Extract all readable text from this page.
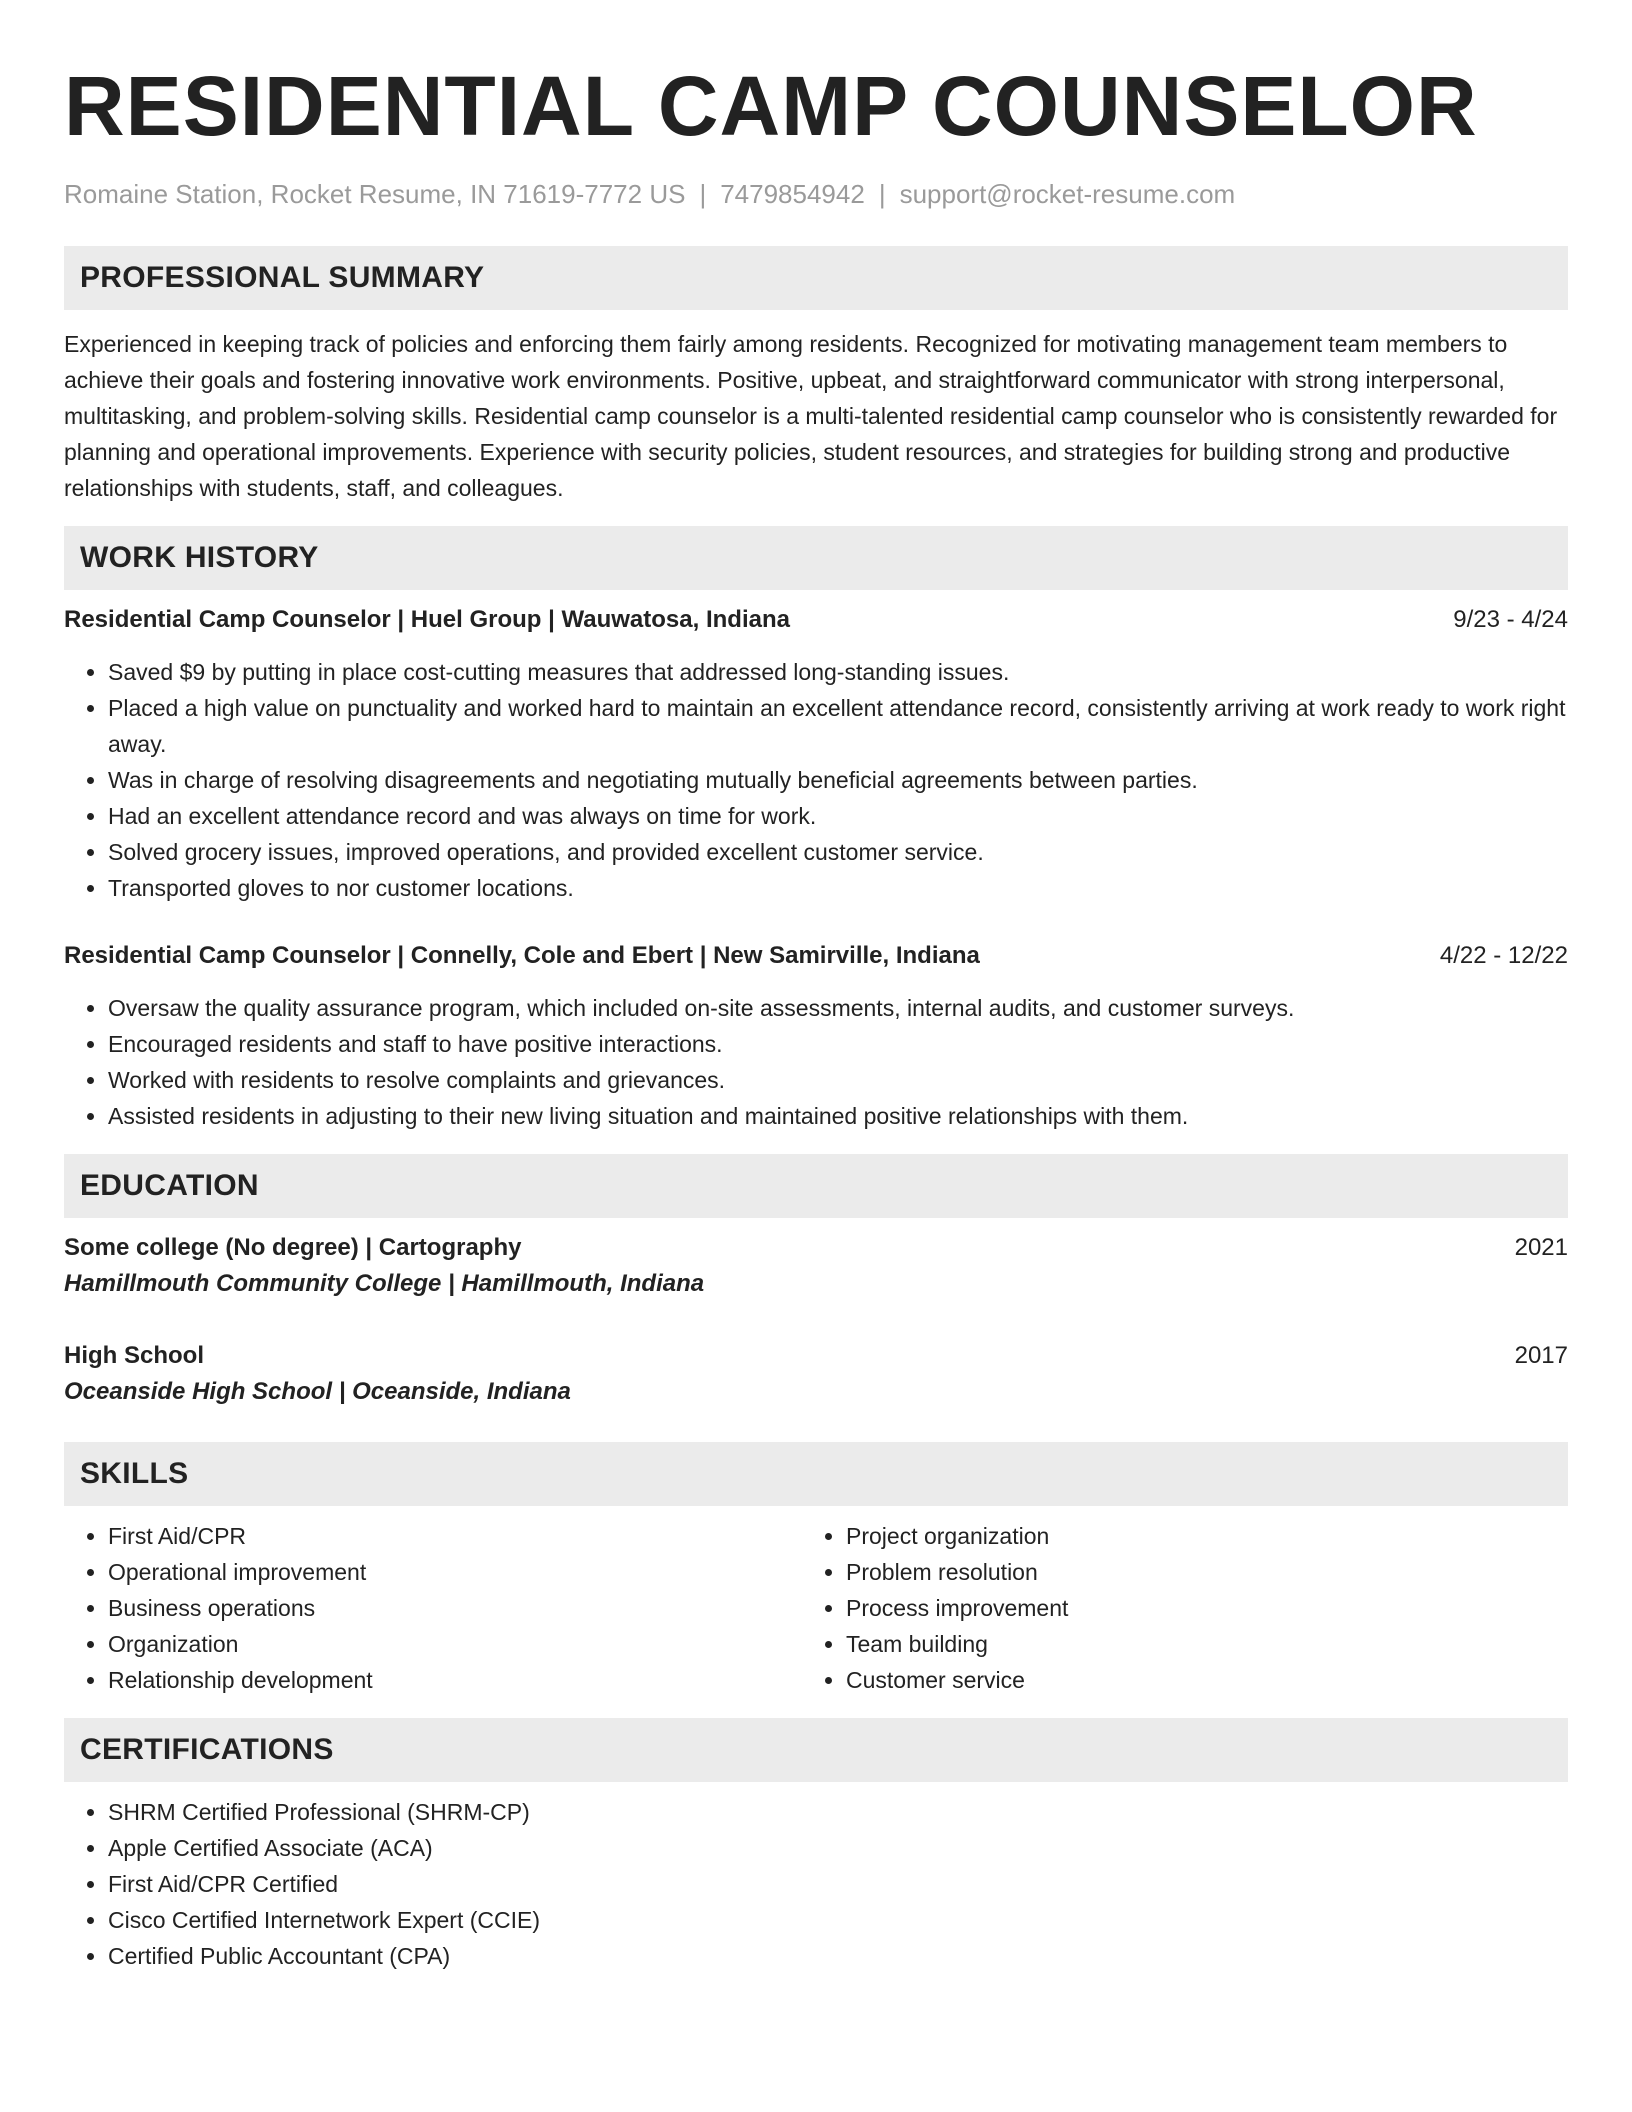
RESIDENTIAL CAMP COUNSELOR
Romaine Station, Rocket Resume, IN 71619-7772 US | 7479854942 | support@rocket-resume.com
PROFESSIONAL SUMMARY
Experienced in keeping track of policies and enforcing them fairly among residents. Recognized for motivating management team members to achieve their goals and fostering innovative work environments. Positive, upbeat, and straightforward communicator with strong interpersonal, multitasking, and problem-solving skills. Residential camp counselor is a multi-talented residential camp counselor who is consistently rewarded for planning and operational improvements. Experience with security policies, student resources, and strategies for building strong and productive relationships with students, staff, and colleagues.
WORK HISTORY
Residential Camp Counselor | Huel Group | Wauwatosa, Indiana	9/23 - 4/24
• Saved $9 by putting in place cost-cutting measures that addressed long-standing issues.
• Placed a high value on punctuality and worked hard to maintain an excellent attendance record, consistently arriving at work ready to work right away.
• Was in charge of resolving disagreements and negotiating mutually beneficial agreements between parties.
• Had an excellent attendance record and was always on time for work.
• Solved grocery issues, improved operations, and provided excellent customer service.
• Transported gloves to nor customer locations.
Residential Camp Counselor | Connelly, Cole and Ebert | New Samirville, Indiana	4/22 - 12/22
• Oversaw the quality assurance program, which included on-site assessments, internal audits, and customer surveys.
• Encouraged residents and staff to have positive interactions.
• Worked with residents to resolve complaints and grievances.
• Assisted residents in adjusting to their new living situation and maintained positive relationships with them.
EDUCATION
Some college (No degree) | Cartography	2021
Hamillmouth Community College | Hamillmouth, Indiana
High School	2017
Oceanside High School | Oceanside, Indiana
SKILLS
• First Aid/CPR
• Operational improvement
• Business operations
• Organization
• Relationship development
• Project organization
• Problem resolution
• Process improvement
• Team building
• Customer service
CERTIFICATIONS
• SHRM Certified Professional (SHRM-CP)
• Apple Certified Associate (ACA)
• First Aid/CPR Certified
• Cisco Certified Internetwork Expert (CCIE)
• Certified Public Accountant (CPA)
